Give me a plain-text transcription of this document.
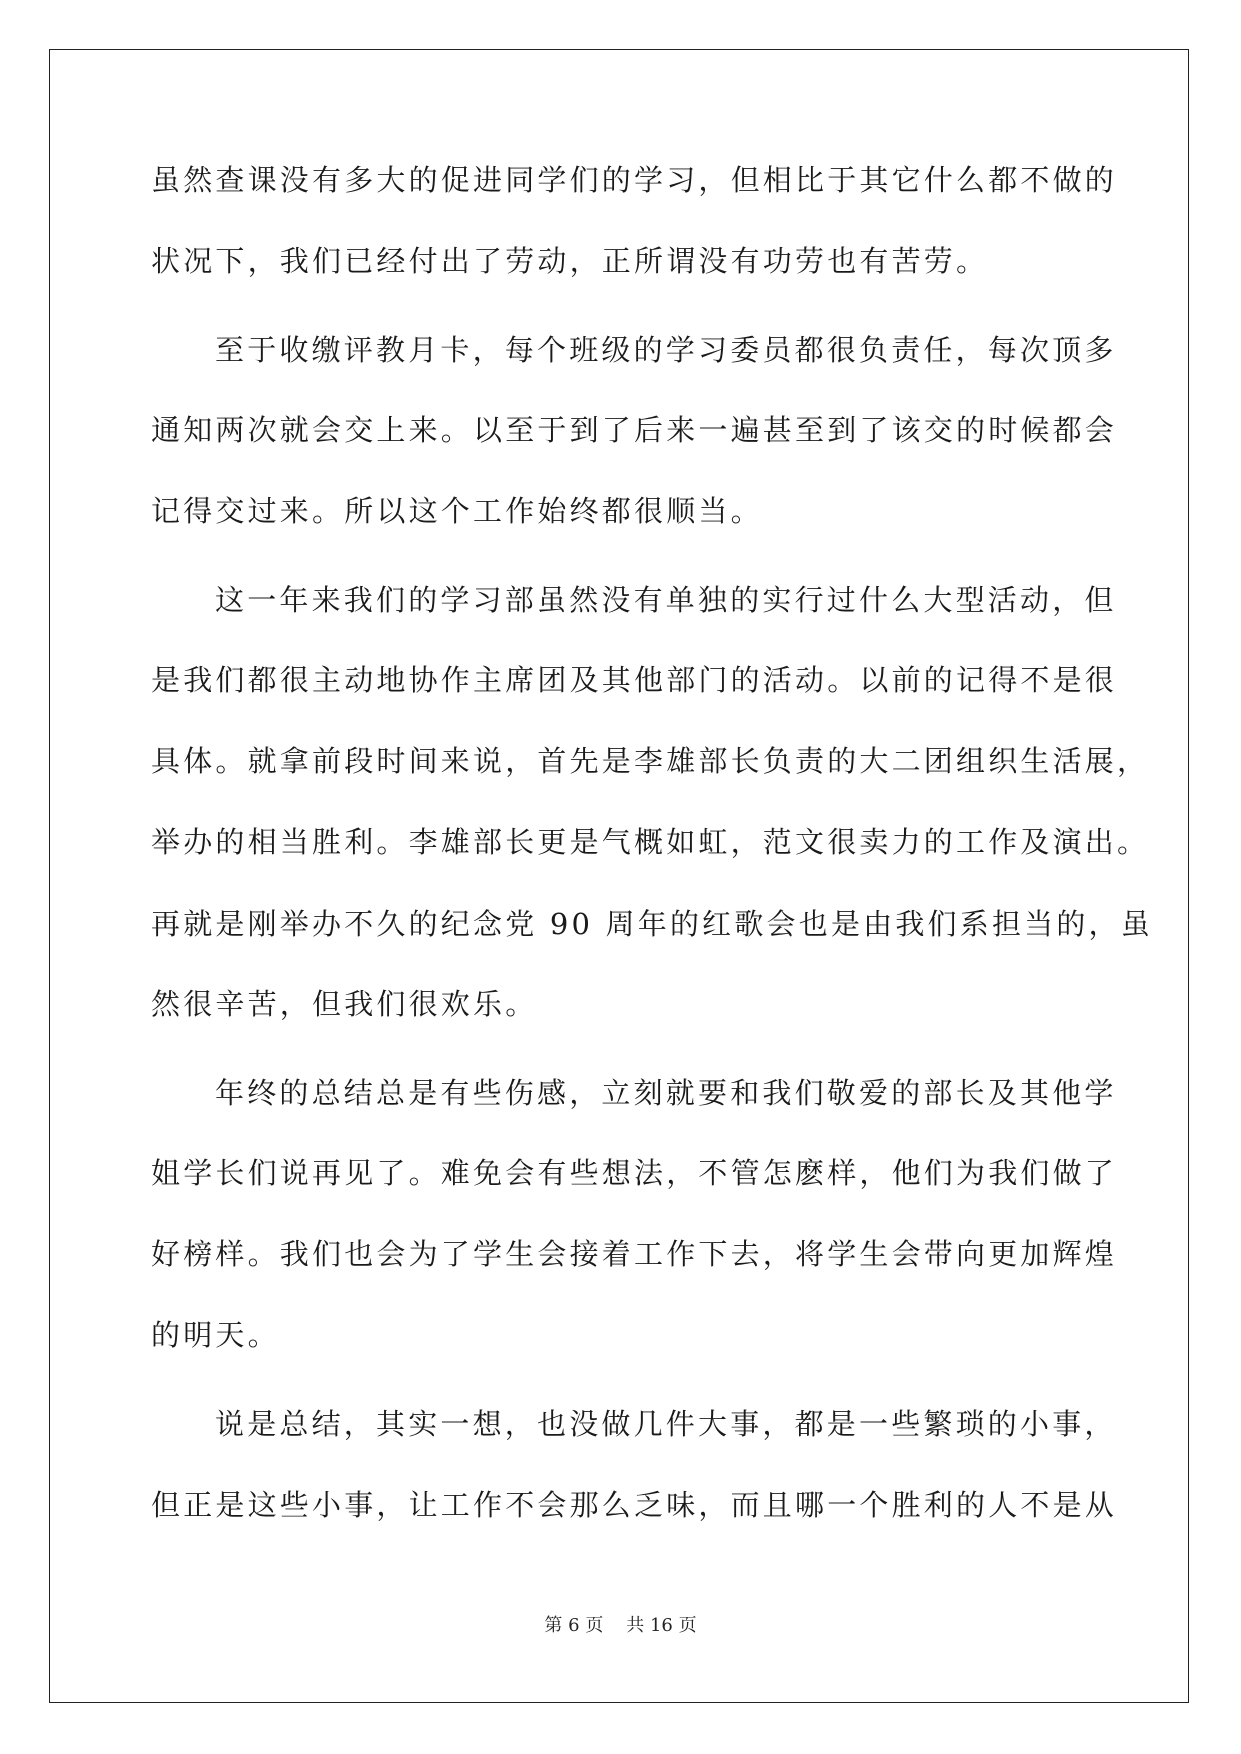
虽然查课没有多大的促进同学们的学习，但相比于其它什么都不做的
状况下，我们已经付出了劳动，正所谓没有功劳也有苦劳。
至于收缴评教月卡，每个班级的学习委员都很负责任，每次顶多
通知两次就会交上来。以至于到了后来一遍甚至到了该交的时候都会
记得交过来。所以这个工作始终都很顺当。
这一年来我们的学习部虽然没有单独的实行过什么大型活动，但
是我们都很主动地协作主席团及其他部门的活动。以前的记得不是很
具体。就拿前段时间来说，首先是李雄部长负责的大二团组织生活展，
举办的相当胜利。李雄部长更是气概如虹，范文很卖力的工作及演出。
再就是刚举办不久的纪念党 90 周年的红歌会也是由我们系担当的，虽
然很辛苦，但我们很欢乐。
年终的总结总是有些伤感，立刻就要和我们敬爱的部长及其他学
姐学长们说再见了。难免会有些想法，不管怎麽样，他们为我们做了
好榜样。我们也会为了学生会接着工作下去，将学生会带向更加辉煌
的明天。
说是总结，其实一想，也没做几件大事，都是一些繁琐的小事，
但正是这些小事，让工作不会那么乏味，而且哪一个胜利的人不是从
第 6 页 共 16 页
